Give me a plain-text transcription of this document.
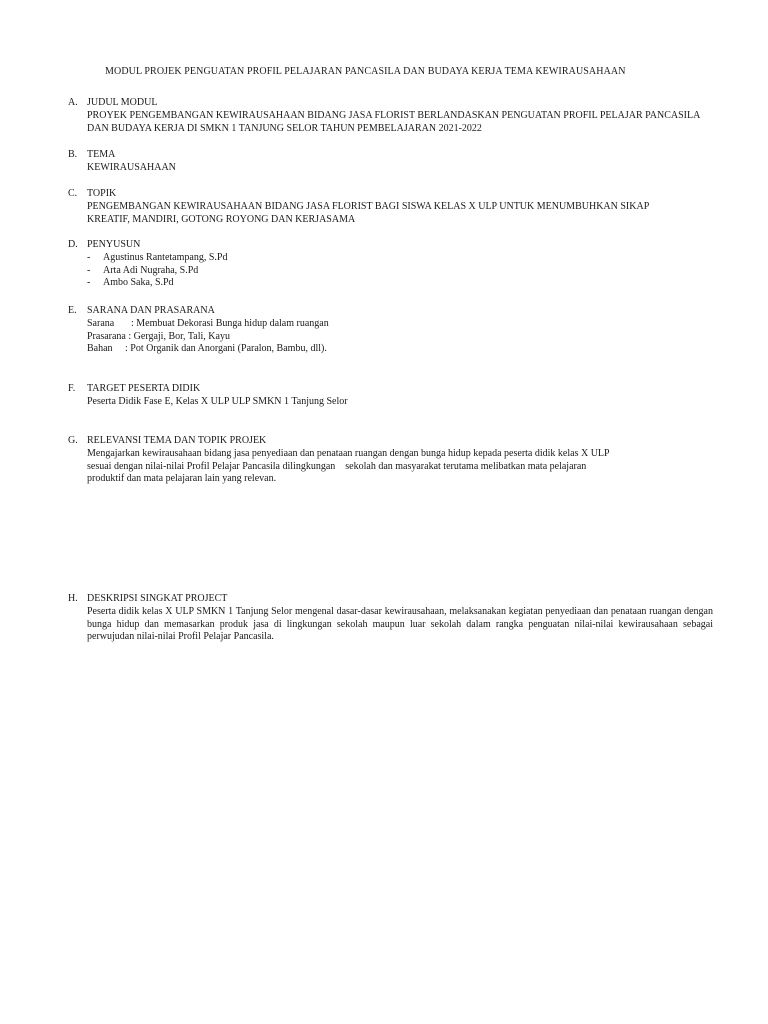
MODUL PROJEK PENGUATAN PROFIL PELAJARAN PANCASILA DAN BUDAYA KERJA TEMA KEWIRAUSAHAAN
A. JUDUL MODUL

PROYEK PENGEMBANGAN KEWIRAUSAHAAN BIDANG JASA FLORIST BERLANDASKAN PENGUATAN PROFIL PELAJAR PANCASILA

DAN BUDAYA KERJA DI SMKN 1 TANJUNG SELOR TAHUN PEMBELAJARAN 2021-2022

B. TEMA

KEWIRAUSAHAAN

C. TOPIK

PENGEMBANGAN KEWIRAUSAHAAN BIDANG JASA FLORIST BAGI SISWA KELAS X ULP UNTUK MENUMBUHKAN SIKAP

KREATIF, MANDIRI, GOTONG ROYONG DAN KERJASAMA

D. PENYUSUN

- Agustinus Rantetampang, S.Pd
- Arta Adi Nugraha, S.Pd
- Ambo Saka, S.Pd
E.	SARANA DAN PRASARANA

Sarana	: Membuat Dekorasi Bunga hidup dalam ruangan
Prasarana : Gergaji, Bor, Tali, Kayu
Bahan	: Pot Organik dan Anorgani (Paralon, Bambu, dll).
F.	TARGET PESERTA DIDIK

Peserta Didik Fase E, Kelas X ULP ULP SMKN 1 Tanjung Selor

G. RELEVANSI TEMA DAN TOPIK PROJEK

Mengajarkan kewirausahaan bidang jasa penyediaan dan penataan ruangan dengan bunga hidup kepada peserta didik kelas X ULP

sesuai dengan nilai-nilai Profil Pelajar Pancasila dilingkungan    sekolah dan masyarakat terutama melibatkan mata pelajaran

produktif dan mata pelajaran lain yang relevan.

H. DESKRIPSI SINGKAT PROJECT

Peserta didik kelas X ULP SMKN 1 Tanjung Selor mengenal dasar-dasar kewirausahaan, melaksanakan kegiatan penyediaan dan penataan ruangan dengan bunga hidup dan memasarkan produk jasa di lingkungan sekolah maupun luar sekolah dalam rangka penguatan nilai-nilai kewirausahaan sebagai perwujudan nilai-nilai Profil Pelajar Pancasila.
